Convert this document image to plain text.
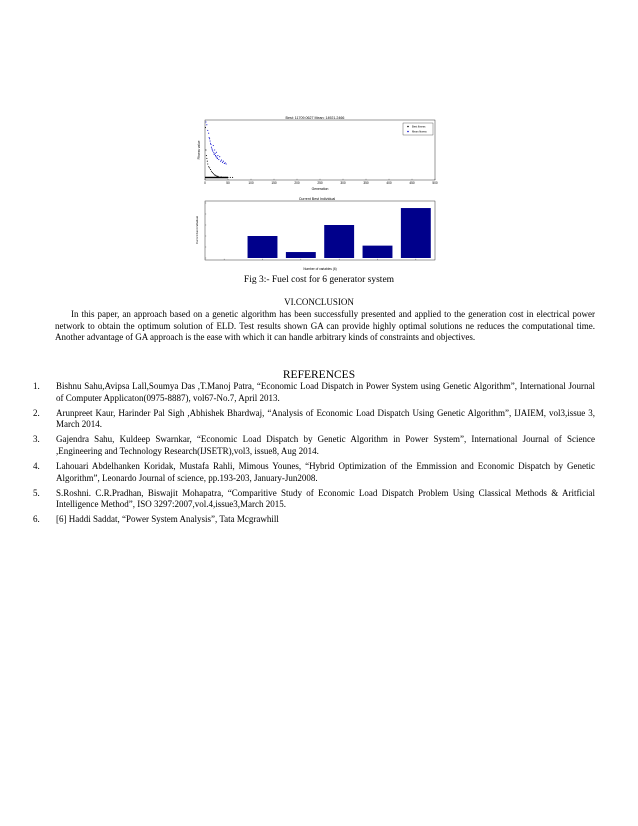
Best: 11709.0627 Mean: 14921.2466
0	50	100	150	200	250	300	350	400	450	500
Generation
Fitness value
Best fitness
Mean fitness
Current Best Individual
Number of variables (6)
Current best individual
Fig 3:- Fuel cost for 6 generator system
VI.CONCLUSION
In this paper, an approach based on a genetic algorithm has been successfully presented and applied to the generation cost in electrical power network to obtain the optimum solution of ELD. Test results shown GA can provide highly optimal solutions ne reduces the computational time. Another advantage of GA approach is the ease with which it can handle arbitrary kinds of constraints and objectives.
REFERENCES
1. Bishnu Sahu,Avipsa Lall,Soumya Das ,T.Manoj Patra, “Economic Load Dispatch in Power System using Genetic Algorithm”, International Journal of Computer Applicaton(0975-8887), vol67-No.7, April 2013.
2. Arunpreet Kaur, Harinder Pal Sigh ,Abhishek Bhardwaj, “Analysis of Economic Load Dispatch Using Genetic Algorithm”, IJAIEM, vol3,issue 3, March 2014.
3. Gajendra Sahu, Kuldeep Swarnkar, “Economic Load Dispatch by Genetic Algorithm in Power System”, International Journal of Science ,Engineering and Technology Research(IJSETR),vol3, issue8, Aug 2014.
4. Lahouari Abdelhanken Koridak, Mustafa Rahli, Mimous Younes, “Hybrid Optimization of the Emmission and Economic Dispatch by Genetic Algorithm”, Leonardo Journal of science, pp.193-203, January-Jun2008.
5. S.Roshni. C.R.Pradhan, Biswajit Mohapatra, “Comparitive Study of Economic Load Dispatch Problem Using Classical Methods & Aritficial Intelligence Method”, ISO 3297:2007,vol.4,issue3,March 2015.
6. [6] Haddi Saddat, “Power System Analysis”, Tata Mcgrawhill
